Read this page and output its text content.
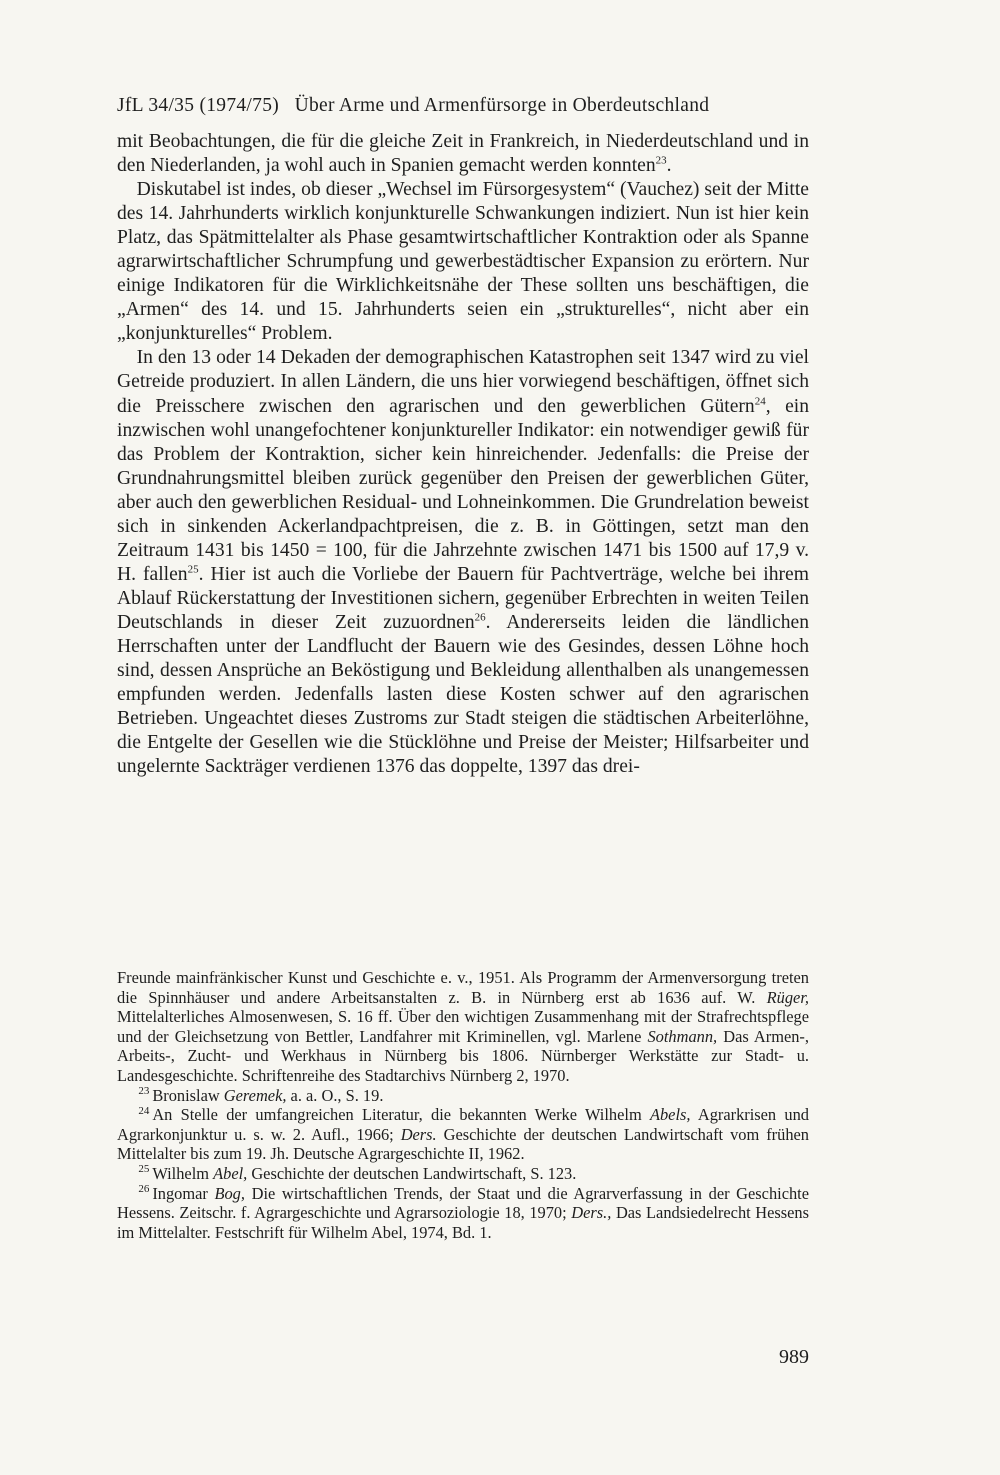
JfL 34/35 (1974/75) Über Arme und Armenfürsorge in Oberdeutschland

mit Beobachtungen, die für die gleiche Zeit in Frankreich, in Niederdeutschland und in den Niederlanden, ja wohl auch in Spanien gemacht werden konnten$^{23}$.

Diskutabel ist indes, ob dieser „Wechsel im Fürsorgesystem“ (Vauchez) seit der Mitte des 14. Jahrhunderts wirklich konjunkturelle Schwankungen indiziert. Nun ist hier kein Platz, das Spätmittelalter als Phase gesamtwirtschaftlicher Kontraktion oder als Spanne agrarwirtschaftlicher Schrumpfung und gewerbestädtischer Expansion zu erörtern. Nur einige Indikatoren für die Wirklichkeitsnähe der These sollten uns beschäftigen, die „Armen“ des 14. und 15. Jahrhunderts seien ein „strukturelles“, nicht aber ein „konjunkturelles“ Problem.

In den 13 oder 14 Dekaden der demographischen Katastrophen seit 1347 wird zu viel Getreide produziert. In allen Ländern, die uns hier vorwiegend beschäftigen, öffnet sich die Preisschere zwischen den agrarischen und den gewerblichen Gütern$^{24}$, ein inzwischen wohl unangefochtener konjunktureller Indikator: ein notwendiger gewiß für das Problem der Kontraktion, sicher kein hinreichender. Jedenfalls: die Preise der Grundnahrungsmittel bleiben zurück gegenüber den Preisen der gewerblichen Güter, aber auch den gewerblichen Residual- und Lohneinkommen. Die Grundrelation beweist sich in sinkenden Ackerlandpachtpreisen, die z. B. in Göttingen, setzt man den Zeitraum 1431 bis 1450 = 100, für die Jahrzehnte zwischen 1471 bis 1500 auf 17,9 v. H. fallen$^{25}$. Hier ist auch die Vorliebe der Bauern für Pachtverträge, welche bei ihrem Ablauf Rückerstattung der Investitionen sichern, gegenüber Erbrechten in weiten Teilen Deutschlands in dieser Zeit zuzuordnen$^{26}$. Andererseits leiden die ländlichen Herrschaften unter der Landflucht der Bauern wie des Gesindes, dessen Löhne hoch sind, dessen Ansprüche an Beköstigung und Bekleidung allenthalben als unangemessen empfunden werden. Jedenfalls lasten diese Kosten schwer auf den agrarischen Betrieben. Ungeachtet dieses Zustroms zur Stadt steigen die städtischen Arbeiterlöhne, die Entgelte der Gesellen wie die Stücklöhne und Preise der Meister; Hilfsarbeiter und ungelernte Sackträger verdienen 1376 das doppelte, 1397 das drei-

Freunde mainfränkischer Kunst und Geschichte e. v., 1951. Als Programm der Armenversorgung treten die Spinnhäuser und andere Arbeitsanstalten z. B. in Nürnberg erst ab 1636 auf. W. Rüger, Mittelalterliches Almosenwesen, S. 16 ff. Über den wichtigen Zusammenhang mit der Strafrechtspflege und der Gleichsetzung von Bettler, Landfahrer mit Kriminellen, vgl. Marlene Sothmann, Das Armen-, Arbeits-, Zucht- und Werkhaus in Nürnberg bis 1806. Nürnberger Werkstätte zur Stadt- u. Landesgeschichte. Schriftenreihe des Stadtarchivs Nürnberg 2, 1970.

$^{23}$ Bronislaw Geremek, a. a. O., S. 19.

$^{24}$ An Stelle der umfangreichen Literatur, die bekannten Werke Wilhelm Abels, Agrarkrisen und Agrarkonjunktur u. s. w. 2. Aufl., 1966; Ders. Geschichte der deutschen Landwirtschaft vom frühen Mittelalter bis zum 19. Jh. Deutsche Agrargeschichte II, 1962.

$^{25}$ Wilhelm Abel, Geschichte der deutschen Landwirtschaft, S. 123.

$^{26}$ Ingomar Bog, Die wirtschaftlichen Trends, der Staat und die Agrarverfassung in der Geschichte Hessens. Zeitschr. f. Agrargeschichte und Agrarsoziologie 18, 1970; Ders., Das Landsiedelrecht Hessens im Mittelalter. Festschrift für Wilhelm Abel, 1974, Bd. 1.

989
